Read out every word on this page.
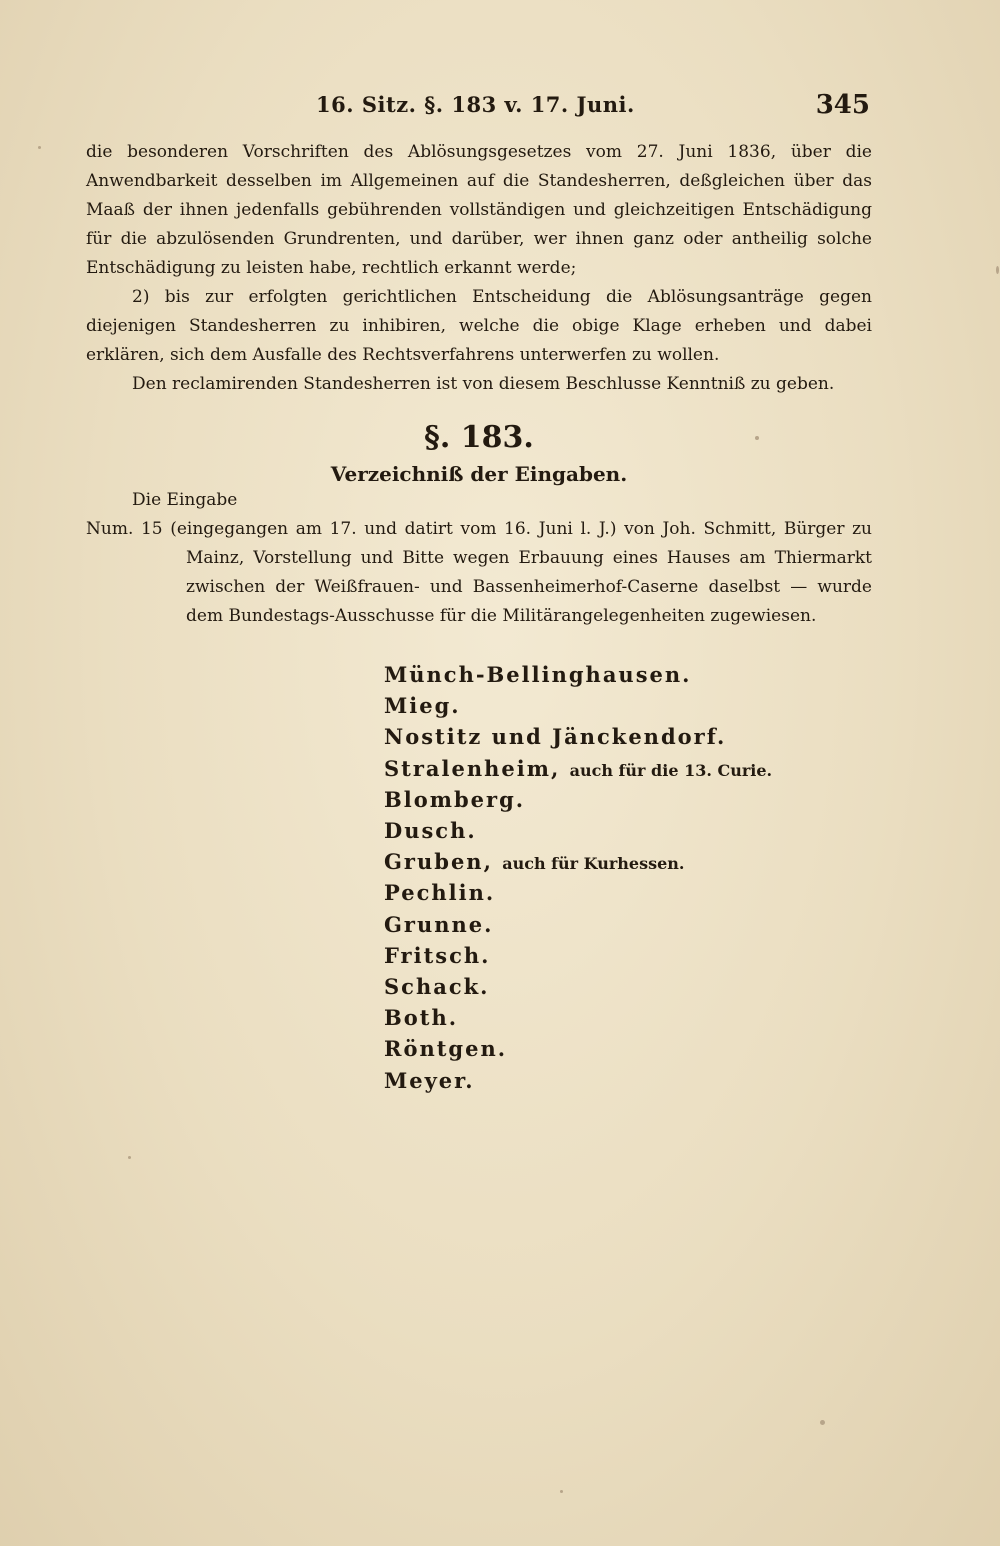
16. Sitz. §. 183 v. 17. Juni.	345

die besonderen Vorschriften des Ablösungsgesetzes vom 27. Juni 1836, über die Anwendbarkeit desselben im Allgemeinen auf die Standesherren, deßgleichen über das Maaß der ihnen jedenfalls gebührenden vollständigen und gleichzeitigen Entschädigung für die abzulösenden Grundrenten, und darüber, wer ihnen ganz oder antheilig solche Entschädigung zu leisten habe, rechtlich erkannt werde;

2) bis zur erfolgten gerichtlichen Entscheidung die Ablösungsanträge gegen diejenigen Standesherren zu inhibiren, welche die obige Klage erheben und dabei erklären, sich dem Ausfalle des Rechtsverfahrens unterwerfen zu wollen.

Den reclamirenden Standesherren ist von diesem Beschlusse Kenntniß zu geben.

§. 183.
Verzeichniß der Eingaben.

Die Eingabe

Num. 15 (eingegangen am 17. und datirt vom 16. Juni l. J.) von Joh. Schmitt, Bürger zu Mainz, Vorstellung und Bitte wegen Erbauung eines Hauses am Thiermarkt zwischen der Weißfrauen- und Bassenheimerhof-Caserne daselbst — wurde dem Bundestags-Ausschusse für die Militärangelegenheiten zugewiesen.

Münch-Bellinghausen.
Mieg.
Nostitz und Jänckendorf.
Stralenheim, auch für die 13. Curie.
Blomberg.
Dusch.
Gruben, auch für Kurhessen.
Pechlin.
Grunne.
Fritsch.
Schack.
Both.
Röntgen.
Meyer.
